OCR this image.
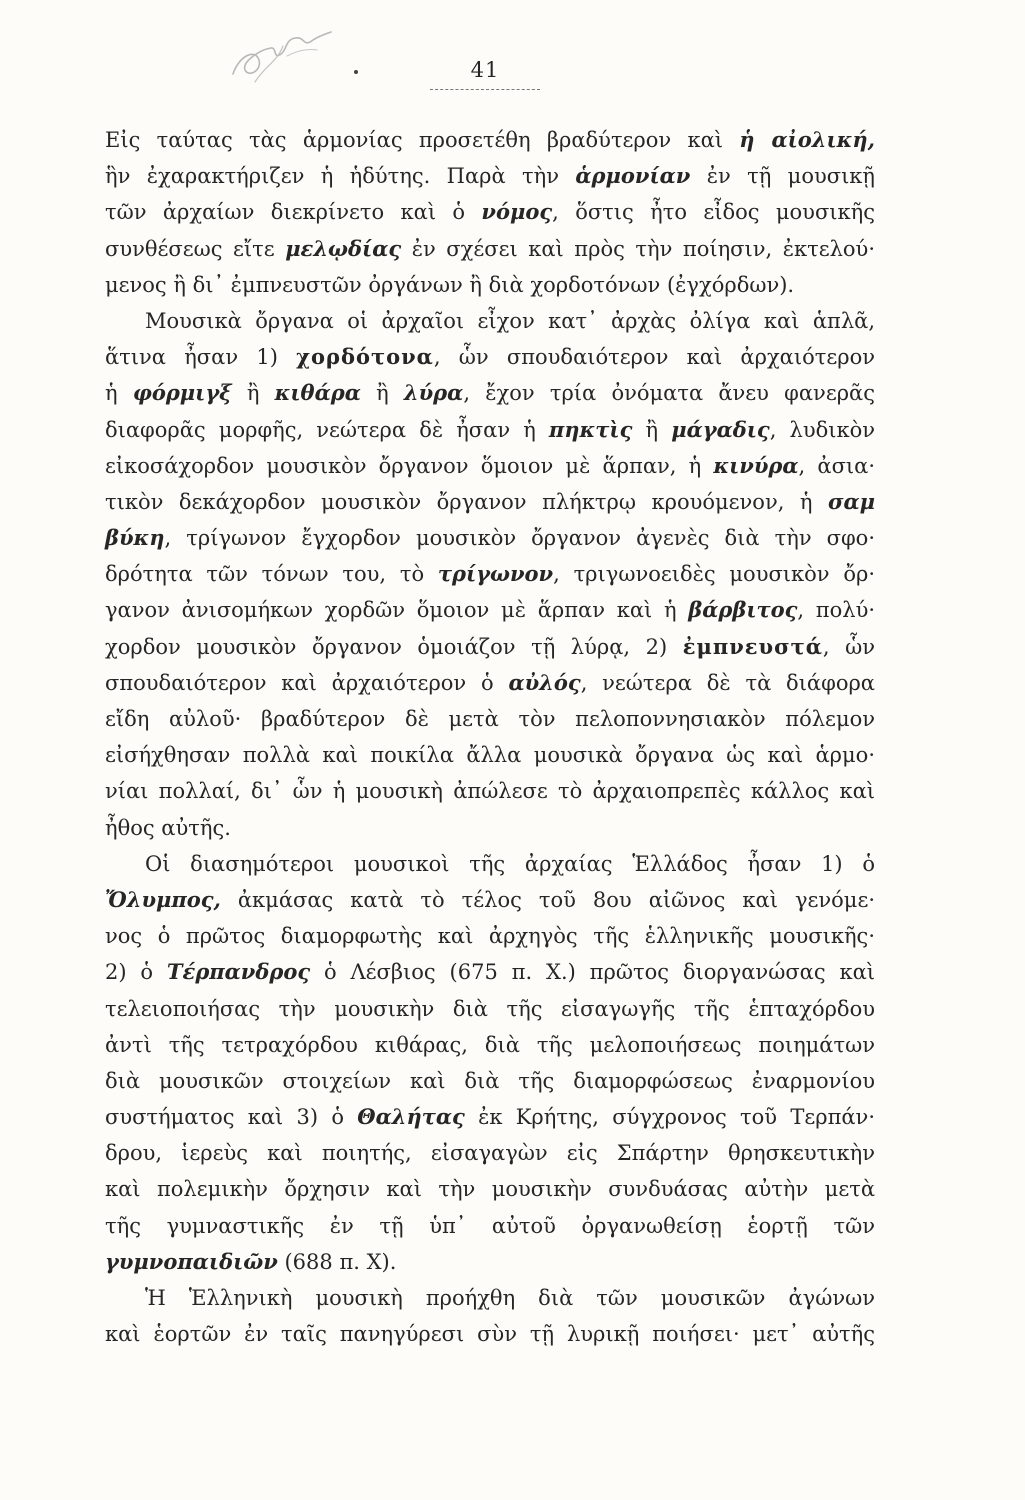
41
Εἰς ταύτας τὰς ἁρμονίας προσετέθη βραδύτερον καὶ ἡ αἰολική,
ἣν ἐχαρακτήριζεν ἡ ἡδύτης. Παρὰ τὴν ἁρμονίαν ἐν τῇ μουσικῇ
τῶν ἀρχαίων διεκρίνετο καὶ ὁ νόμος, ὅστις ἦτο εἶδος μουσικῆς
συνθέσεως εἴτε μελῳδίας ἐν σχέσει καὶ πρὸς τὴν ποίησιν, ἐκτελού·
μενος ἢ δι᾽ ἐμπνευστῶν ὀργάνων ἢ διὰ χορδοτόνων (ἐγχόρδων).
Μουσικὰ ὄργανα οἱ ἀρχαῖοι εἶχον κατ᾽ ἀρχὰς ὀλίγα καὶ ἁπλᾶ,
ἅτινα ἦσαν 1) χορδότονα, ὧν σπουδαιότερον καὶ ἀρχαιότερον
ἡ φόρμιγξ ἢ κιθάρα ἢ λύρα, ἔχον τρία ὀνόματα ἄνευ φανερᾶς
διαφορᾶς μορφῆς, νεώτερα δὲ ἦσαν ἡ πηκτὶς ἢ μάγαδις, λυδικὸν
εἰκοσάχορδον μουσικὸν ὄργανον ὅμοιον μὲ ἅρπαν, ἡ κινύρα, ἀσια·
τικὸν δεκάχορδον μουσικὸν ὄργανον πλήκτρῳ κρουόμενον, ἡ σαμ
βύκη, τρίγωνον ἔγχορδον μουσικὸν ὄργανον ἀγενὲς διὰ τὴν σφο·
δρότητα τῶν τόνων του, τὸ τρίγωνον, τριγωνοειδὲς μουσικὸν ὄρ·
γανον ἀνισομήκων χορδῶν ὅμοιον μὲ ἅρπαν καὶ ἡ βάρβιτος, πολύ·
χορδον μουσικὸν ὄργανον ὁμοιάζον τῇ λύρᾳ, 2) ἐμπνευστά, ὧν
σπουδαιότερον καὶ ἀρχαιότερον ὁ αὐλός, νεώτερα δὲ τὰ διάφορα
εἴδη αὐλοῦ· βραδύτερον δὲ μετὰ τὸν πελοποννησιακὸν πόλεμον
εἰσήχθησαν πολλὰ καὶ ποικίλα ἄλλα μουσικὰ ὄργανα ὡς καὶ ἁρμο·
νίαι πολλαί, δι᾽ ὧν ἡ μουσικὴ ἀπώλεσε τὸ ἀρχαιοπρεπὲς κάλλος καὶ
ἦθος αὐτῆς.
Οἱ διασημότεροι μουσικοὶ τῆς ἀρχαίας Ἑλλάδος ἦσαν 1) ὁ
Ὄλυμπος, ἀκμάσας κατὰ τὸ τέλος τοῦ 8ου αἰῶνος καὶ γενόμε·
νος ὁ πρῶτος διαμορφωτὴς καὶ ἀρχηγὸς τῆς ἑλληνικῆς μουσικῆς·
2) ὁ Τέρπανδρος ὁ Λέσβιος (675 π. Χ.) πρῶτος διοργανώσας καὶ
τελειοποιήσας τὴν μουσικὴν διὰ τῆς εἰσαγωγῆς τῆς ἑπταχόρδου
ἀντὶ τῆς τετραχόρδου κιθάρας, διὰ τῆς μελοποιήσεως ποιημάτων
διὰ μουσικῶν στοιχείων καὶ διὰ τῆς διαμορφώσεως ἐναρμονίου
συστήματος καὶ 3) ὁ Θαλήτας ἐκ Κρήτης, σύγχρονος τοῦ Τερπάν·
δρου, ἱερεὺς καὶ ποιητής, εἰσαγαγὼν εἰς Σπάρτην θρησκευτικὴν
καὶ πολεμικὴν ὄρχησιν καὶ τὴν μουσικὴν συνδυάσας αὐτὴν μετὰ
τῆς γυμναστικῆς ἐν τῇ ὑπ᾽ αὐτοῦ ὀργανωθείσῃ ἑορτῇ τῶν
γυμνοπαιδιῶν (688 π. Χ).
Ἡ Ἑλληνικὴ μουσικὴ προήχθη διὰ τῶν μουσικῶν ἀγώνων
καὶ ἑορτῶν ἐν ταῖς πανηγύρεσι σὺν τῇ λυρικῇ ποιήσει· μετ᾽ αὐτῆς
